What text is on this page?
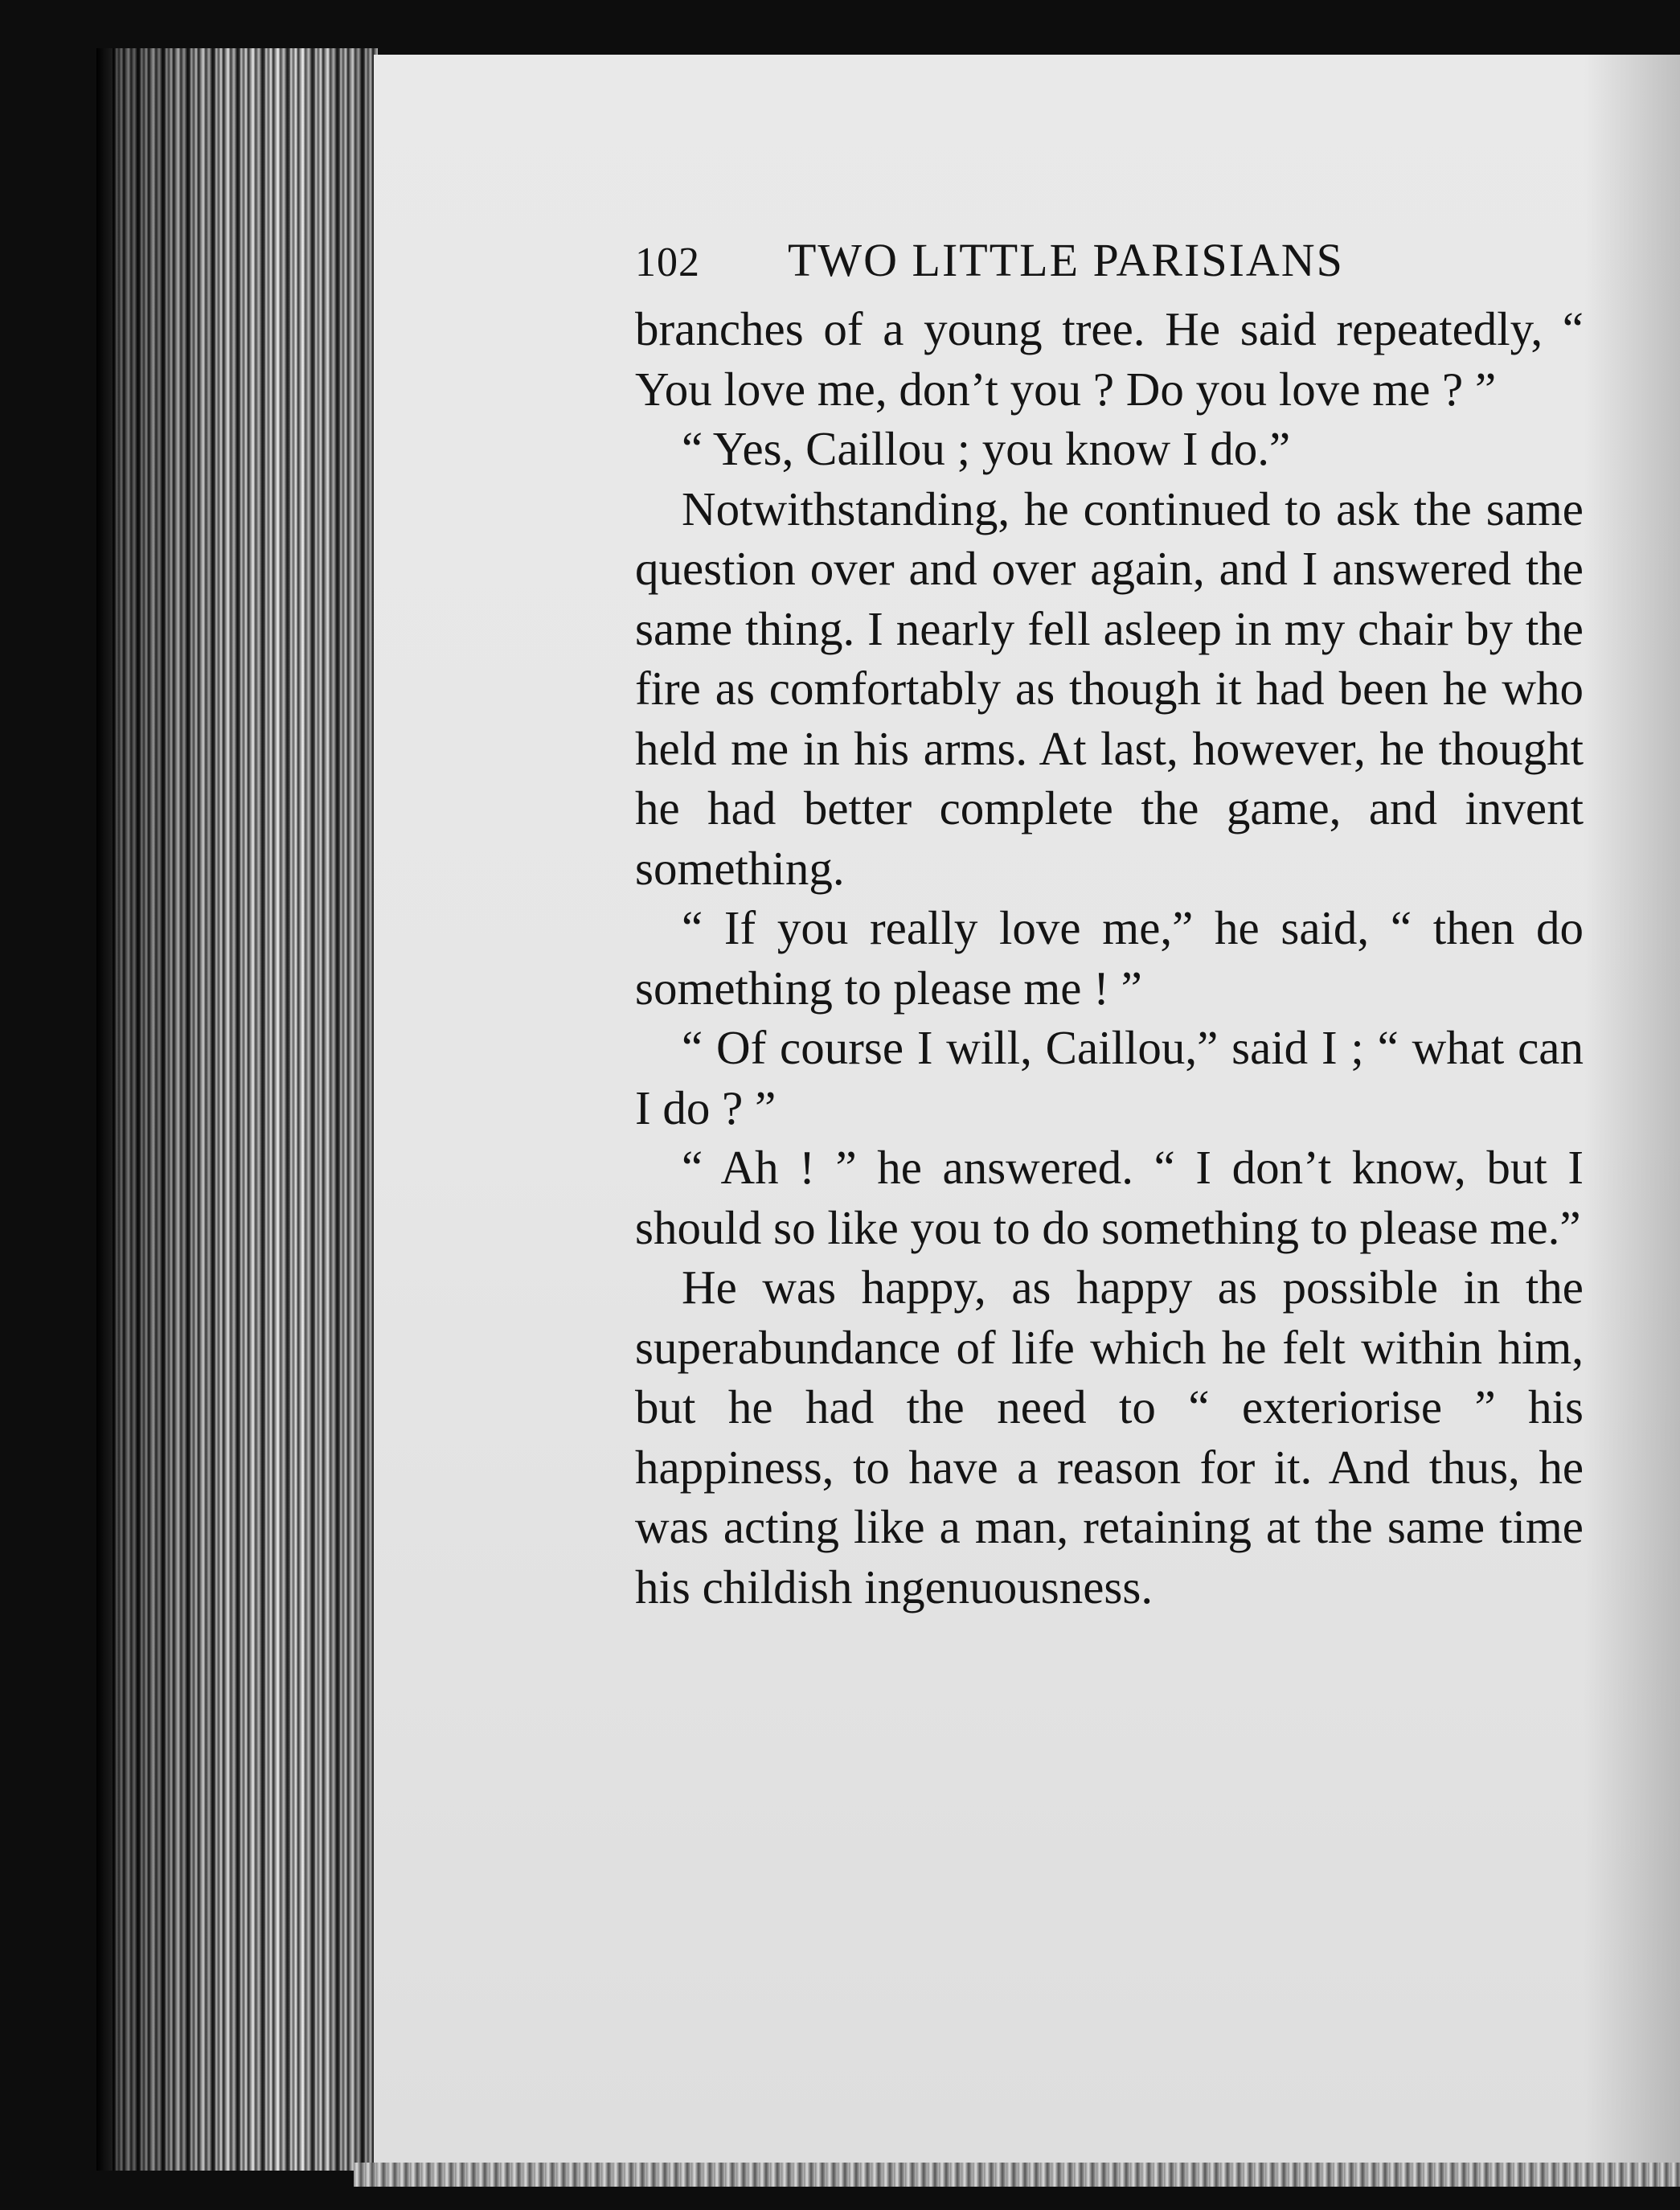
102	TWO LITTLE PARISIANS

branches of a young tree. He said repeatedly, “ You love me, don’t you ? Do you love me ? ”

“ Yes, Caillou ; you know I do.”

Notwithstanding, he continued to ask the same question over and over again, and I answered the same thing. I nearly fell asleep in my chair by the fire as comfortably as though it had been he who held me in his arms. At last, however, he thought he had better complete the game, and invent something.

“ If you really love me,” he said, “ then do something to please me ! ”

“ Of course I will, Caillou,” said I ; “ what can I do ? ”

“ Ah ! ” he answered. “ I don’t know, but I should so like you to do something to please me.”

He was happy, as happy as possible in the superabundance of life which he felt within him, but he had the need to “ exteriorise ” his happiness, to have a reason for it. And thus, he was acting like a man, retaining at the same time his childish ingenuousness.
